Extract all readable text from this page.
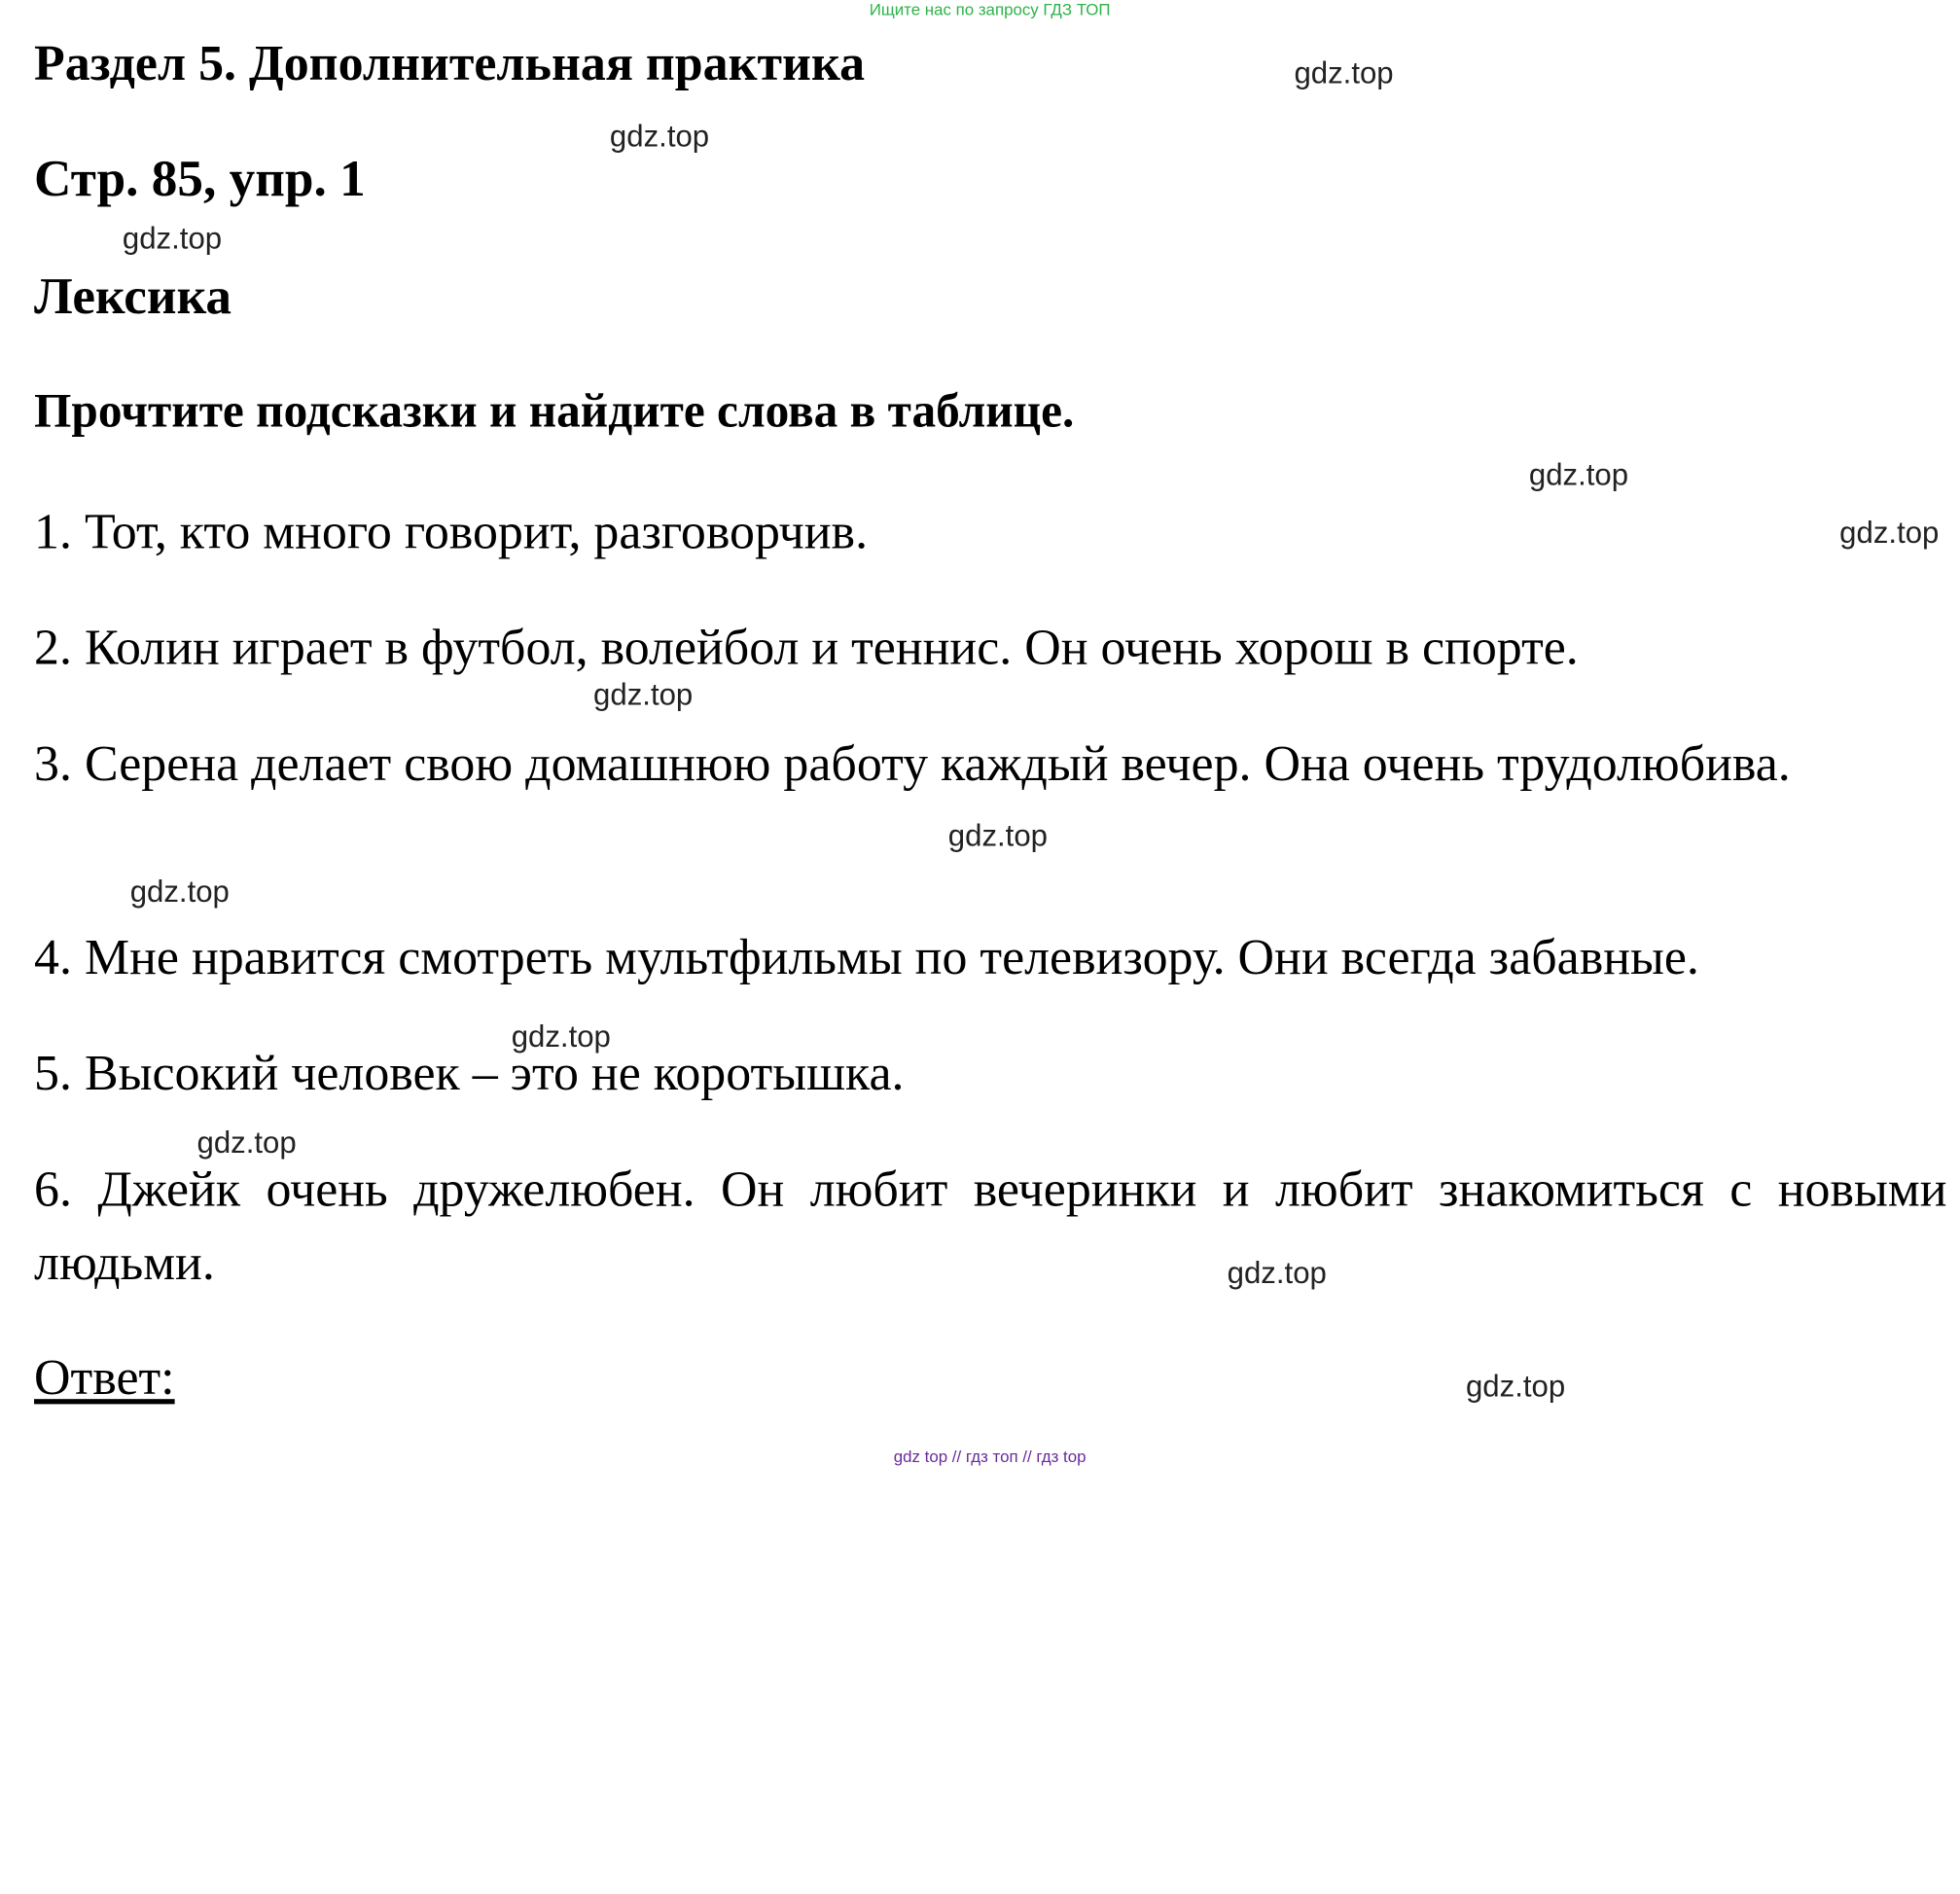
Ищите нас по запросу ГДЗ ТОП
Раздел 5. Дополнительная практика
Стр. 85, упр. 1
Лексика
Прочтите подсказки и найдите слова в таблице.

1. Тот, кто много говорит, разговорчив.

2. Колин играет в футбол, волейбол и теннис. Он очень хорош в спорте.

3. Серена делает свою домашнюю работу каждый вечер. Она очень трудолюбива.

4. Мне нравится смотреть мультфильмы по телевизору. Они всегда забавные.

5. Высокий человек – это не коротышка.

6. Джейк очень дружелюбен. Он любит вечеринки и любит знакомиться с новыми людьми.

Ответ:

gdz.top
gdz.top
gdz.top
gdz.top
gdz.top
gdz.top
gdz.top
gdz.top
gdz.top
gdz.top
gdz.top
gdz.top
gdz top // гдз топ // гдз top
